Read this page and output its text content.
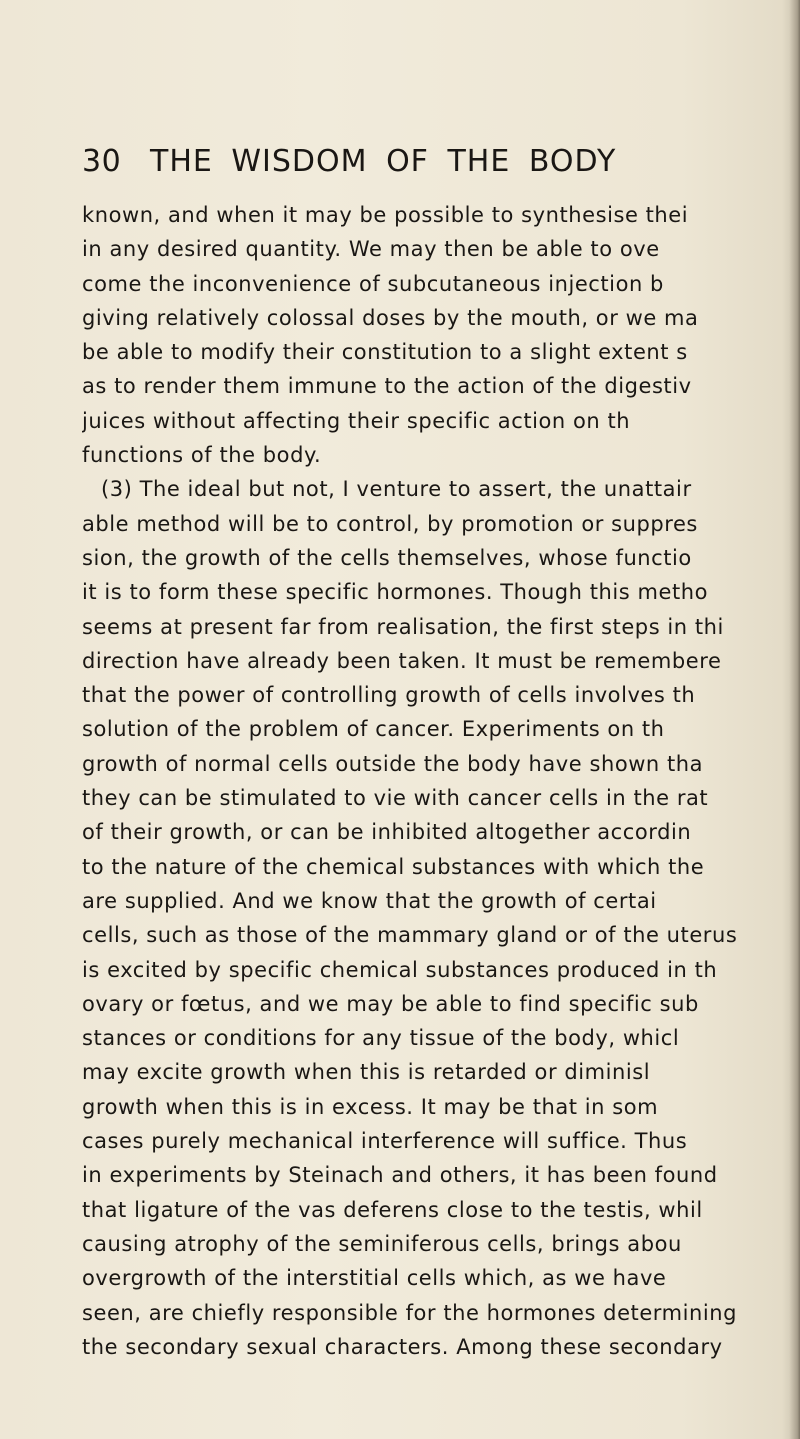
30 THE WISDOM OF THE BODY
known, and when it may be possible to synthesise thei
in any desired quantity. We may then be able to ove
come the inconvenience of subcutaneous injection b
giving relatively colossal doses by the mouth, or we ma
be able to modify their constitution to a slight extent s
as to render them immune to the action of the digestiv
juices without affecting their specific action on th
functions of the body.
(3) The ideal but not, I venture to assert, the unattair
able method will be to control, by promotion or suppres
sion, the growth of the cells themselves, whose functio
it is to form these specific hormones. Though this metho
seems at present far from realisation, the first steps in thi
direction have already been taken. It must be remembere
that the power of controlling growth of cells involves th
solution of the problem of cancer. Experiments on th
growth of normal cells outside the body have shown tha
they can be stimulated to vie with cancer cells in the rat
of their growth, or can be inhibited altogether accordin
to the nature of the chemical substances with which the
are supplied. And we know that the growth of certai
cells, such as those of the mammary gland or of the uterus
is excited by specific chemical substances produced in th
ovary or fœtus, and we may be able to find specific sub
stances or conditions for any tissue of the body, whicl
may excite growth when this is retarded or diminisl
growth when this is in excess. It may be that in som
cases purely mechanical interference will suffice. Thus
in experiments by Steinach and others, it has been found
that ligature of the vas deferens close to the testis, whil
causing atrophy of the seminiferous cells, brings abou
overgrowth of the interstitial cells which, as we have
seen, are chiefly responsible for the hormones determining
the secondary sexual characters. Among these secondary
